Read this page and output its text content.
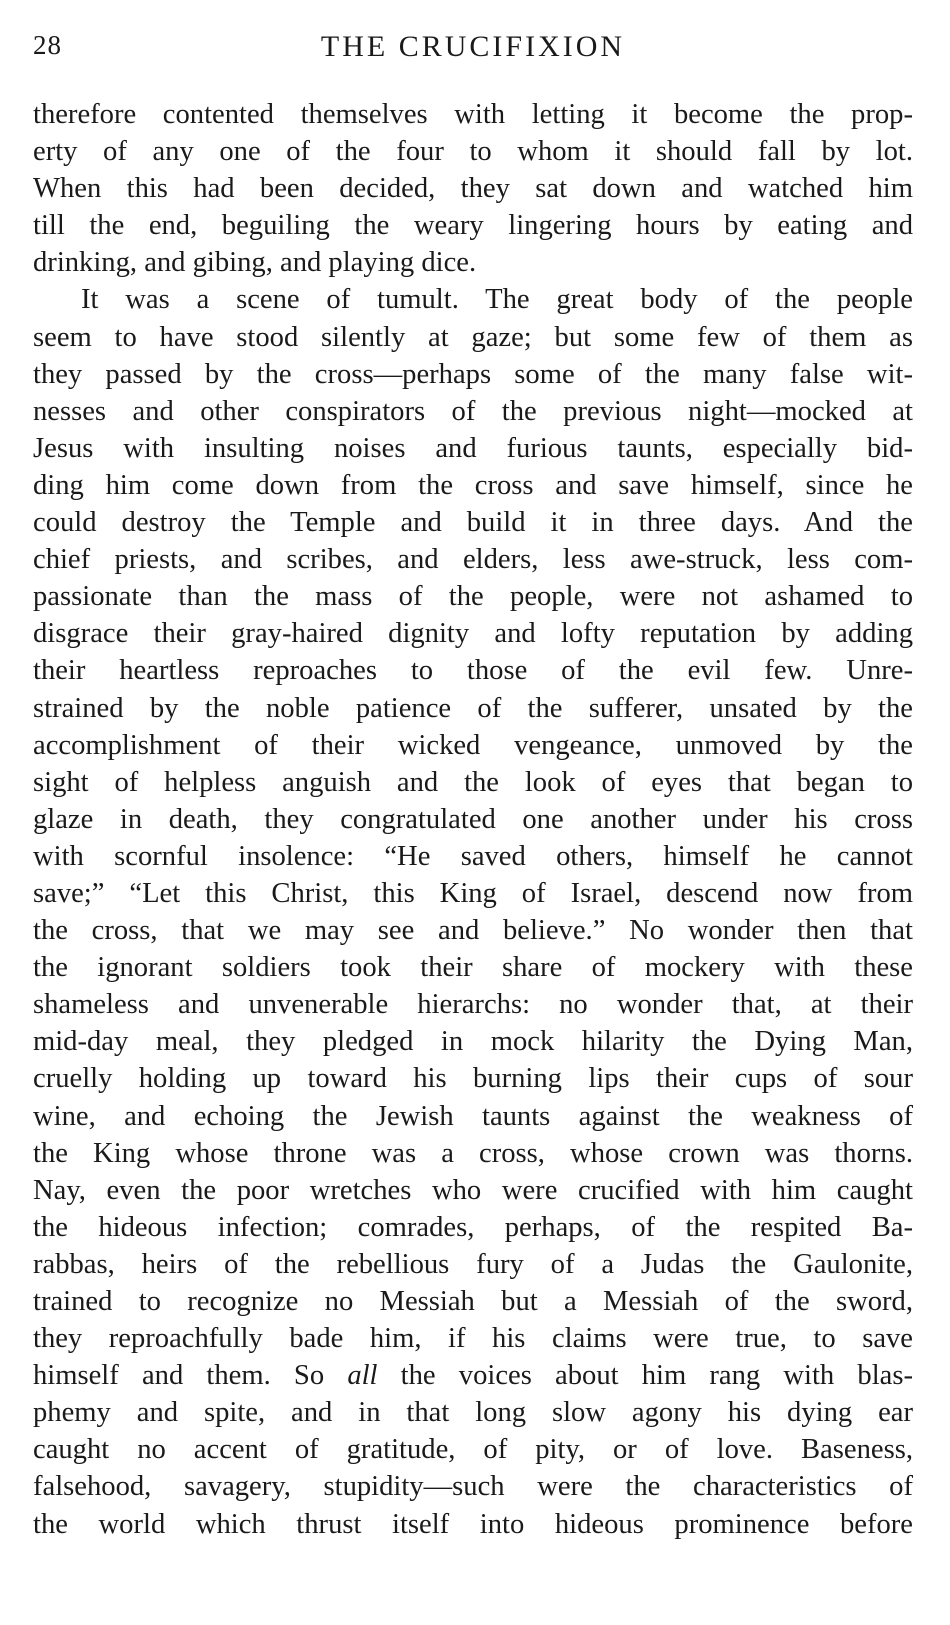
28	THE CRUCIFIXION
therefore contented themselves with letting it become the prop-
erty of any one of the four to whom it should fall by lot.
When this had been decided, they sat down and watched him
till the end, beguiling the weary lingering hours by eating and
drinking, and gibing, and playing dice.
It was a scene of tumult. The great body of the people
seem to have stood silently at gaze; but some few of them as
they passed by the cross—perhaps some of the many false wit-
nesses and other conspirators of the previous night—mocked at
Jesus with insulting noises and furious taunts, especially bid-
ding him come down from the cross and save himself, since he
could destroy the Temple and build it in three days. And the
chief priests, and scribes, and elders, less awe-struck, less com-
passionate than the mass of the people, were not ashamed to
disgrace their gray-haired dignity and lofty reputation by adding
their heartless reproaches to those of the evil few. Unre-
strained by the noble patience of the sufferer, unsated by the
accomplishment of their wicked vengeance, unmoved by the
sight of helpless anguish and the look of eyes that began to
glaze in death, they congratulated one another under his cross
with scornful insolence: “He saved others, himself he cannot
save;” “Let this Christ, this King of Israel, descend now from
the cross, that we may see and believe.” No wonder then that
the ignorant soldiers took their share of mockery with these
shameless and unvenerable hierarchs: no wonder that, at their
mid-day meal, they pledged in mock hilarity the Dying Man,
cruelly holding up toward his burning lips their cups of sour
wine, and echoing the Jewish taunts against the weakness of
the King whose throne was a cross, whose crown was thorns.
Nay, even the poor wretches who were crucified with him caught
the hideous infection; comrades, perhaps, of the respited Ba-
rabbas, heirs of the rebellious fury of a Judas the Gaulonite,
trained to recognize no Messiah but a Messiah of the sword,
they reproachfully bade him, if his claims were true, to save
himself and them. So all the voices about him rang with blas-
phemy and spite, and in that long slow agony his dying ear
caught no accent of gratitude, of pity, or of love. Baseness,
falsehood, savagery, stupidity—such were the characteristics of
the world which thrust itself into hideous prominence before
